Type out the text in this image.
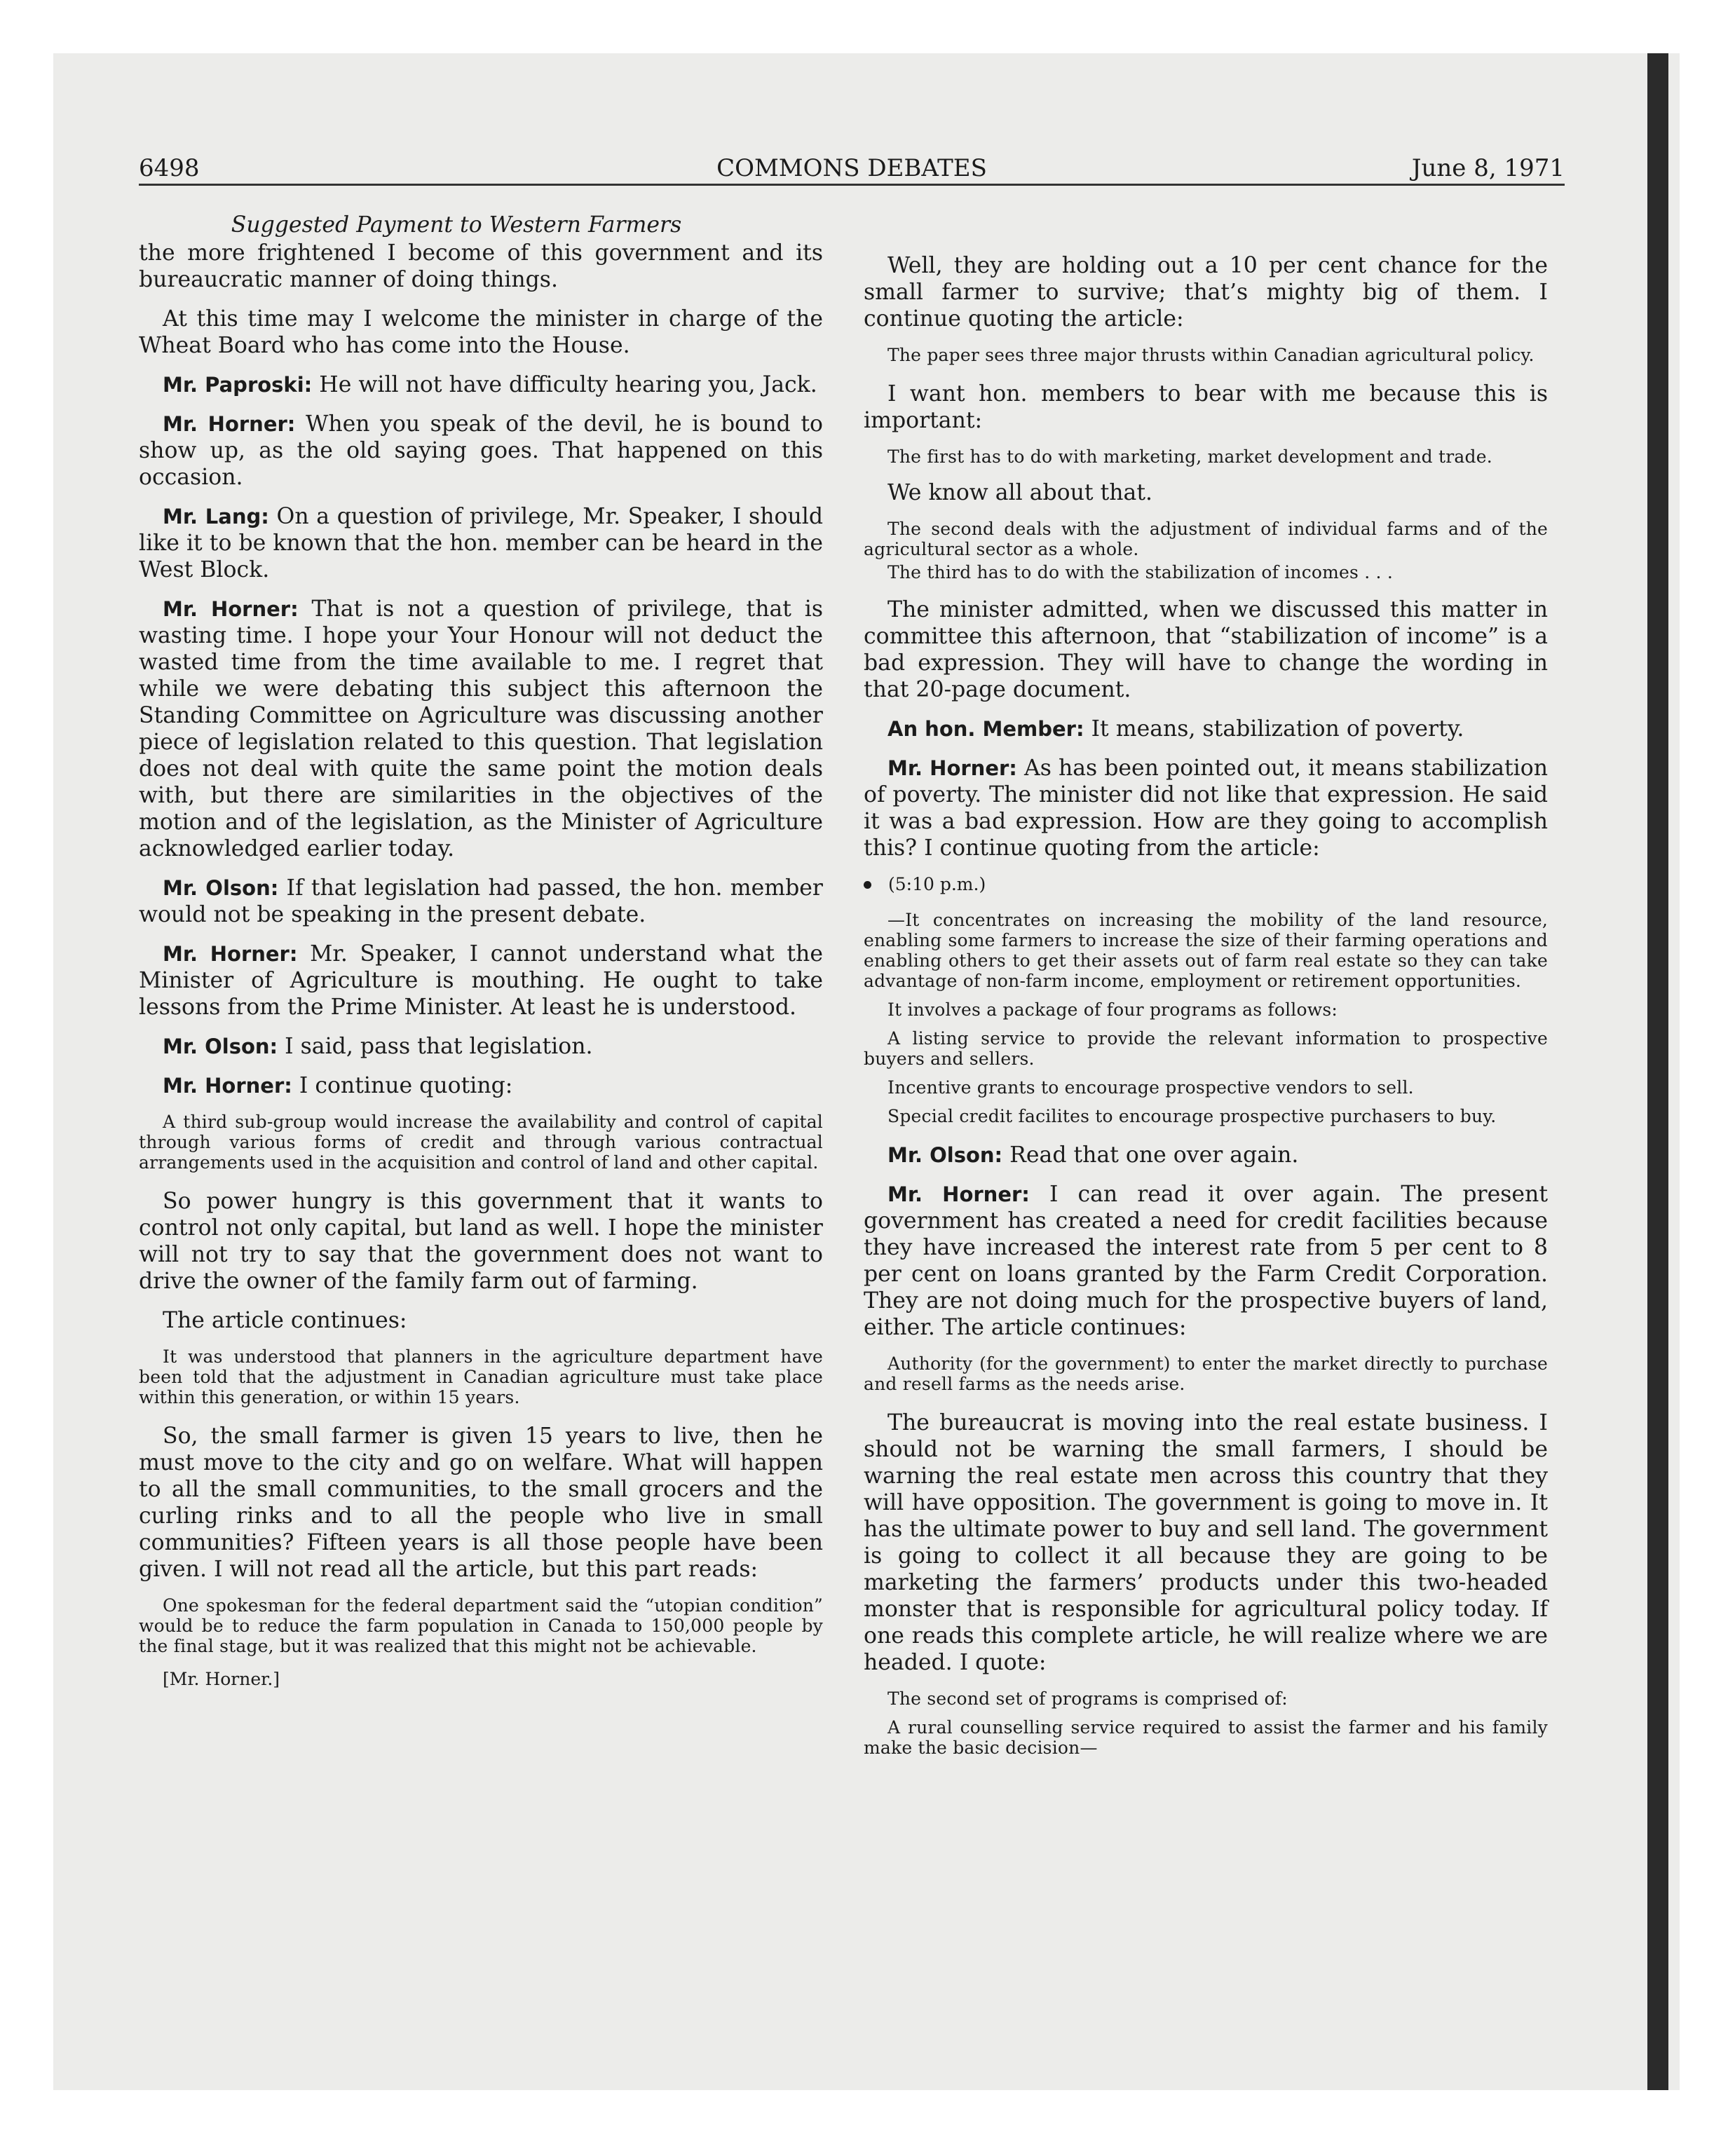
6498	COMMONS DEBATES	June 8, 1971
Suggested Payment to Western Farmers

the more frightened I become of this government and its bureaucratic manner of doing things.

At this time may I welcome the minister in charge of the Wheat Board who has come into the House.

Mr. Paproski: He will not have difficulty hearing you, Jack.

Mr. Horner: When you speak of the devil, he is bound to show up, as the old saying goes. That happened on this occasion.

Mr. Lang: On a question of privilege, Mr. Speaker, I should like it to be known that the hon. member can be heard in the West Block.

Mr. Horner: That is not a question of privilege, that is wasting time. I hope your Your Honour will not deduct the wasted time from the time available to me. I regret that while we were debating this subject this afternoon the Standing Committee on Agriculture was discussing another piece of legislation related to this question. That legislation does not deal with quite the same point the motion deals with, but there are similarities in the objectives of the motion and of the legislation, as the Minister of Agriculture acknowledged earlier today.

Mr. Olson: If that legislation had passed, the hon. member would not be speaking in the present debate.

Mr. Horner: Mr. Speaker, I cannot understand what the Minister of Agriculture is mouthing. He ought to take lessons from the Prime Minister. At least he is understood.

Mr. Olson: I said, pass that legislation.

Mr. Horner: I continue quoting:

A third sub-group would increase the availability and control of capital through various forms of credit and through various contractual arrangements used in the acquisition and control of land and other capital.

So power hungry is this government that it wants to control not only capital, but land as well. I hope the minister will not try to say that the government does not want to drive the owner of the family farm out of farming.

The article continues:

It was understood that planners in the agriculture department have been told that the adjustment in Canadian agriculture must take place within this generation, or within 15 years.

So, the small farmer is given 15 years to live, then he must move to the city and go on welfare. What will happen to all the small communities, to the small grocers and the curling rinks and to all the people who live in small communities? Fifteen years is all those people have been given. I will not read all the article, but this part reads:

One spokesman for the federal department said the “utopian condition” would be to reduce the farm population in Canada to 150,000 people by the final stage, but it was realized that this might not be achievable.
[Mr. Horner.]

Well, they are holding out a 10 per cent chance for the small farmer to survive; that’s mighty big of them. I continue quoting the article:

The paper sees three major thrusts within Canadian agricultural policy.

I want hon. members to bear with me because this is important:

The first has to do with marketing, market development and trade.

We know all about that.

The second deals with the adjustment of individual farms and of the agricultural sector as a whole.
The third has to do with the stabilization of incomes . . .

The minister admitted, when we discussed this matter in committee this afternoon, that “stabilization of income” is a bad expression. They will have to change the wording in that 20-page document.

An hon. Member: It means, stabilization of poverty.

Mr. Horner: As has been pointed out, it means stabilization of poverty. The minister did not like that expression. He said it was a bad expression. How are they going to accomplish this? I continue quoting from the article:

(5:10 p.m.)
—It concentrates on increasing the mobility of the land resource, enabling some farmers to increase the size of their farming operations and enabling others to get their assets out of farm real estate so they can take advantage of non-farm income, employment or retirement opportunities.
It involves a package of four programs as follows:
A listing service to provide the relevant information to prospective buyers and sellers.
Incentive grants to encourage prospective vendors to sell.
Special credit facilites to encourage prospective purchasers to buy.

Mr. Olson: Read that one over again.

Mr. Horner: I can read it over again. The present government has created a need for credit facilities because they have increased the interest rate from 5 per cent to 8 per cent on loans granted by the Farm Credit Corporation. They are not doing much for the prospective buyers of land, either. The article continues:

Authority (for the government) to enter the market directly to purchase and resell farms as the needs arise.

The bureaucrat is moving into the real estate business. I should not be warning the small farmers, I should be warning the real estate men across this country that they will have opposition. The government is going to move in. It has the ultimate power to buy and sell land. The government is going to collect it all because they are going to be marketing the farmers’ products under this two-headed monster that is responsible for agricultural policy today. If one reads this complete article, he will realize where we are headed. I quote:

The second set of programs is comprised of:
A rural counselling service required to assist the farmer and his family make the basic decision—
